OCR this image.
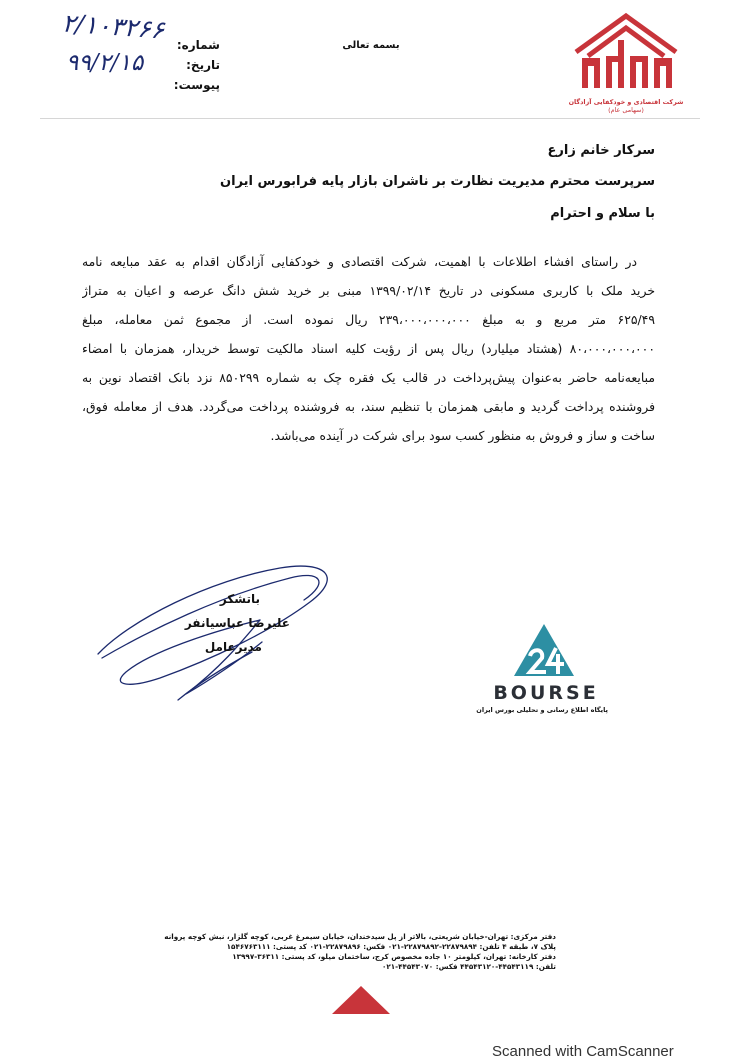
۲/۱۰۳۲۶۶
۹۹/۲/۱۵
شماره:
تاریخ:
پیوست:
بسمه تعالی
شرکت اقتصادی و خودکفایی آزادگان
(سهامی عام)
سرکار خانم زارع
سرپرست محترم مدیریت نظارت بر ناشران بازار پایه فرابورس ایران
با سلام و احترام
در راستای افشاء اطلاعات با اهمیت، شرکت اقتصادی و خودکفایی آزادگان اقدام به عقد مبایعه نامه
خرید ملک با کاربری مسکونی در تاریخ ۱۳۹۹/۰۲/۱۴ مبنی بر خرید شش دانگ عرصه و اعیان به متراژ
۶۲۵/۴۹ متر مربع و به مبلغ ۲۳۹،۰۰۰،۰۰۰،۰۰۰ ریال نموده است. از مجموع ثمن معامله، مبلغ
۸۰،۰۰۰،۰۰۰،۰۰۰ (هشتاد میلیارد) ریال پس از رؤیت کلیه اسناد مالکیت توسط خریدار، همزمان با امضاء
مبایعه‌نامه حاضر به‌عنوان پیش‌پرداخت در قالب یک فقره چک به شماره ۸۵۰۲۹۹ نزد بانک اقتصاد نوین به
فروشنده پرداخت گردید و مابقی همزمان با تنظیم سند، به فروشنده پرداخت می‌گردد. هدف از معامله فوق،
ساخت و ساز و فروش به منظور کسب سود برای شرکت در آینده می‌باشد.
باتشکر
علیرضا عباسیانفر
مدیرعامل
BOURSE
پایگاه اطلاع رسانی و تحلیلی بورس ایران
دفتر مرکزی: تهران-خیابان شریعتی، بالاتر از پل سیدخندان، خیابان سیمرغ غربی، کوچه گلزار، نبش کوچه پروانه
پلاک ۷، طبقه ۴ تلفن: ۲۲۸۷۹۸۹۴-۲۲۸۷۹۸۹۲-۰۲۱ فکس: ۲۲۸۷۹۸۹۶-۰۲۱ کد پستی: ۱۵۴۶۷۶۳۱۱۱
دفتر کارخانه: تهران، کیلومتر ۱۰ جاده مخصوص کرج، ساختمان میلو، کد پستی: ۳۶۳۱۱-۱۳۹۹۷
تلفن: ۴۴۵۴۳۱۱۹-۴۴۵۴۳۱۲۰ فکس: ۴۴۵۴۳۰۷۰-۰۲۱
Scanned with CamScanner
